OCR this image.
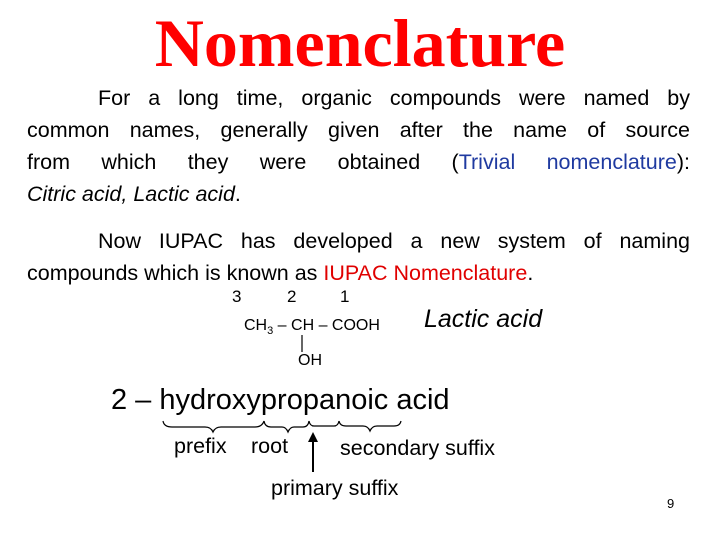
Nomenclature
For a long time, organic compounds were named by
common names, generally given after the name of source
from which they were obtained (Trivial nomenclature):
Citric acid, Lactic acid.
Now IUPAC has developed a new system of naming
compounds which is known as IUPAC Nomenclature.
3	2	1
$CH_3$ – CH – COOH
OH
Lactic acid
2 – hydroxypropanoic acid
prefix root secondary suffix
primary suffix
9
